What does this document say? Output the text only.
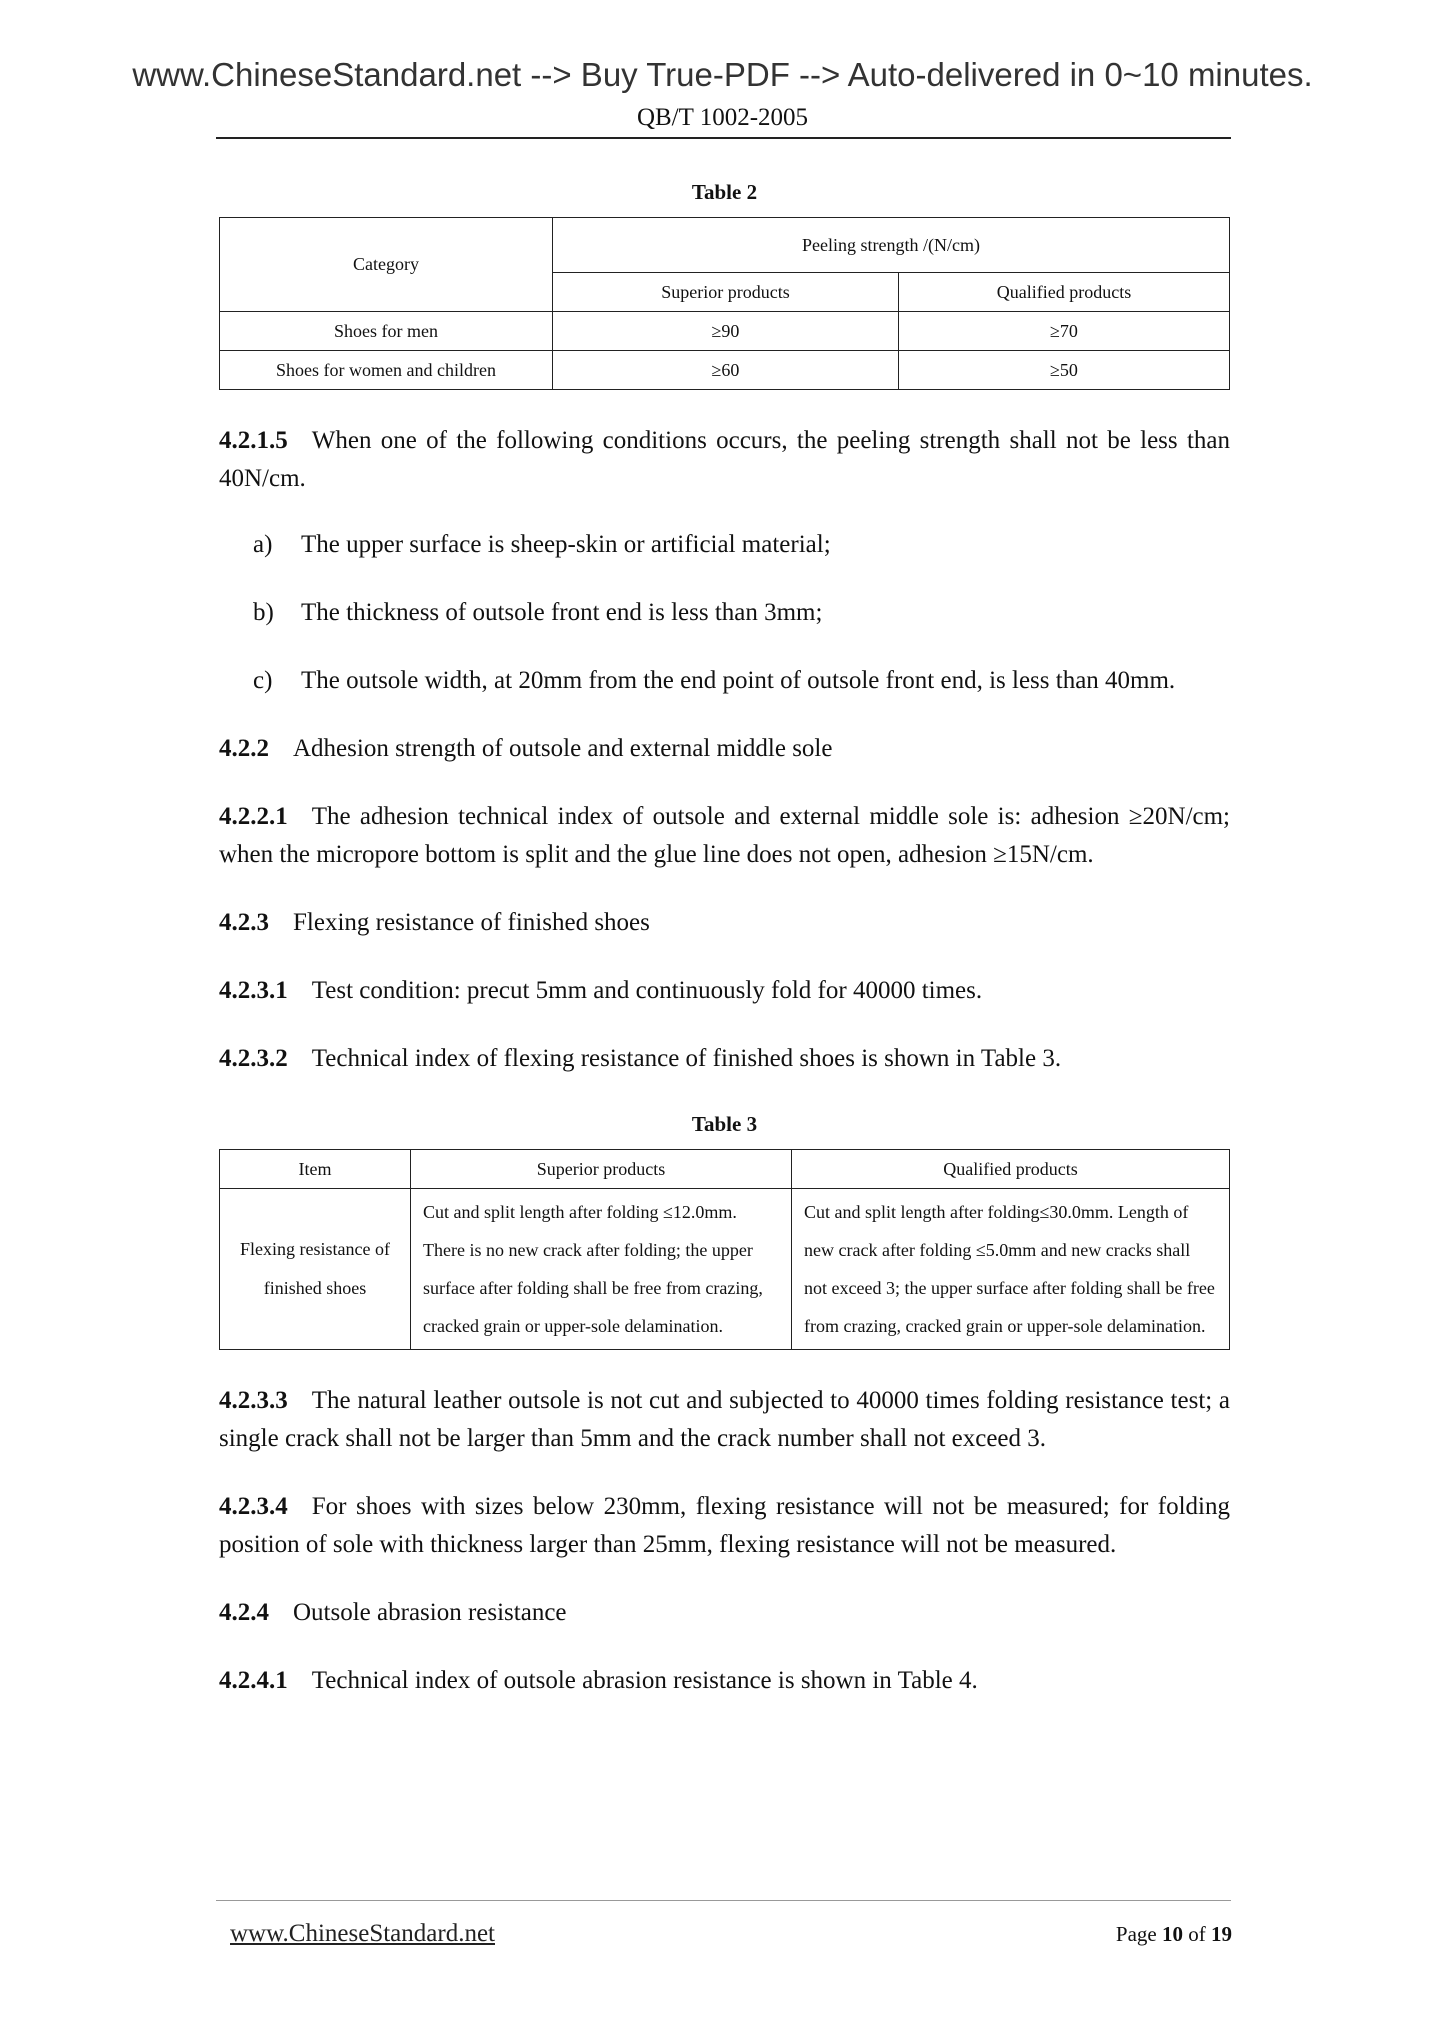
www.ChineseStandard.net --> Buy True-PDF --> Auto-delivered in 0~10 minutes.
QB/T 1002-2005
Table 2
Category	Peeling strength /(N/cm)	
	Superior products	Qualified products
Shoes for men	≥90	≥70
Shoes for women and children	≥60	≥50

4.2.1.5 When one of the following conditions occurs, the peeling strength shall not be less than 40N/cm.

a) The upper surface is sheep-skin or artificial material;

b) The thickness of outsole front end is less than 3mm;

c)	The outsole width, at 20mm from the end point of outsole front end, is less than 40mm.

4.2.2 Adhesion strength of outsole and external middle sole

4.2.2.1 The adhesion technical index of outsole and external middle sole is: adhesion ≥20N/cm; when the micropore bottom is split and the glue line does not open, adhesion ≥15N/cm.

4.2.3 Flexing resistance of finished shoes

4.2.3.1 Test condition: precut 5mm and continuously fold for 40000 times.

4.2.3.2 Technical index of flexing resistance of finished shoes is shown in Table 3.

Table 3
Item	Superior products	Qualified products
Flexing resistance of finished shoes	Cut and split length after folding ≤12.0mm. There is no new crack after folding; the upper surface after folding shall be free from crazing, cracked grain or upper-sole delamination.	Cut and split length after folding≤30.0mm. Length of new crack after folding ≤5.0mm and new cracks shall not exceed 3; the upper surface after folding shall be free from crazing, cracked grain or upper-sole delamination.

4.2.3.3 The natural leather outsole is not cut and subjected to 40000 times folding resistance test; a single crack shall not be larger than 5mm and the crack number shall not exceed 3.

4.2.3.4 For shoes with sizes below 230mm, flexing resistance will not be measured; for folding position of sole with thickness larger than 25mm, flexing resistance will not be measured.

4.2.4 Outsole abrasion resistance

4.2.4.1 Technical index of outsole abrasion resistance is shown in Table 4.

www.ChineseStandard.net	Page 10 of 19
